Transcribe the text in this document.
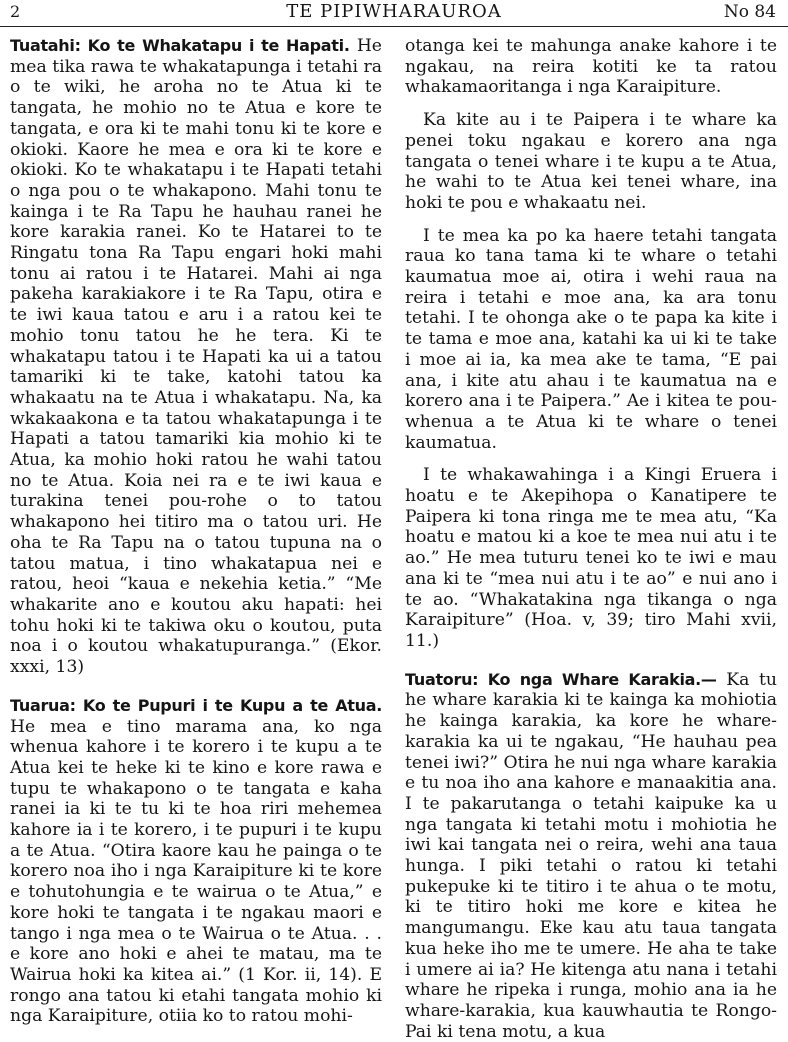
2	TE PIPIWHARAUROA	No 84

Tuatahi: Ko te Whakatapu i te Hapati. He mea tika rawa te whakatapunga i tetahi ra o te wiki, he aroha no te Atua ki te tangata, he mohio no te Atua e kore te tangata, e ora ki te mahi tonu ki te kore e okioki. Kaore he mea e ora ki te kore e okioki. Ko te whakatapu i te Hapati tetahi o nga pou o te whakapono. Mahi tonu te kainga i te Ra Tapu he hauhau ranei he kore karakia ranei. Ko te Hatarei to te Ringatu tona Ra Tapu engari hoki mahi tonu ai ratou i te Hatarei. Mahi ai nga pakeha karakiakore i te Ra Tapu, otira e te iwi kaua tatou e aru i a ratou kei te mohio tonu tatou he he tera. Ki te whakatapu tatou i te Hapati ka ui a tatou tamariki ki te take, katohi tatou ka whakaatu na te Atua i whakatapu. Na, ka wkakaakona e ta tatou whakatapunga i te Hapati a tatou tamariki kia mohio ki te Atua, ka mohio hoki ratou he wahi tatou no te Atua. Koia nei ra e te iwi kaua e turakina tenei pou-rohe o to tatou whakapono hei titiro ma o tatou uri. He oha te Ra Tapu na o tatou tupuna na o tatou matua, i tino whakatapua nei e ratou, heoi “kaua e nekehia ketia.” “Me whakarite ano e koutou aku hapati: hei tohu hoki ki te takiwa oku o koutou, puta noa i o koutou whakatupuranga.” (Ekor. xxxi, 13)

Tuarua: Ko te Pupuri i te Kupu a te Atua. He mea e tino marama ana, ko nga whenua kahore i te korero i te kupu a te Atua kei te heke ki te kino e kore rawa e tupu te whakapono o te tangata e kaha ranei ia ki te tu ki te hoa riri mehemea kahore ia i te korero, i te pupuri i te kupu a te Atua. “Otira kaore kau he painga o te korero noa iho i nga Karaipiture ki te kore e tohutohungia e te wairua o te Atua,” e kore hoki te tangata i te ngakau maori e tango i nga mea o te Wairua o te Atua. . . e kore ano hoki e ahei te matau, ma te Wairua hoki ka kitea ai.” (1 Kor. ii, 14). E rongo ana tatou ki etahi tangata mohio ki nga Karaipiture, otiia ko to ratou mohi-

otanga kei te mahunga anake kahore i te ngakau, na reira kotiti ke ta ratou whakamaoritanga i nga Karaipiture.

Ka kite au i te Paipera i te whare ka penei toku ngakau e korero ana nga tangata o tenei whare i te kupu a te Atua, he wahi to te Atua kei tenei whare, ina hoki te pou e whakaatu nei.

I te mea ka po ka haere tetahi tangata raua ko tana tama ki te whare o tetahi kaumatua moe ai, otira i wehi raua na reira i tetahi e moe ana, ka ara tonu tetahi. I te ohonga ake o te papa ka kite i te tama e moe ana, katahi ka ui ki te take i moe ai ia, ka mea ake te tama, “E pai ana, i kite atu ahau i te kaumatua na e korero ana i te Paipera.” Ae i kitea te pou-whenua a te Atua ki te whare o tenei kaumatua.

I te whakawahinga i a Kingi Eruera i hoatu e te Akepihopa o Kanatipere te Paipera ki tona ringa me te mea atu, “Ka hoatu e matou ki a koe te mea nui atu i te ao.” He mea tuturu tenei ko te iwi e mau ana ki te “mea nui atu i te ao” e nui ano i te ao. “Whakatakina nga tikanga o nga Karaipiture” (Hoa. v, 39; tiro Mahi xvii, 11.)

Tuatoru: Ko nga Whare Karakia.— Ka tu he whare karakia ki te kainga ka mohiotia he kainga karakia, ka kore he whare-karakia ka ui te ngakau, “He hauhau pea tenei iwi?” Otira he nui nga whare karakia e tu noa iho ana kahore e manaakitia ana. I te pakarutanga o tetahi kaipuke ka u nga tangata ki tetahi motu i mohiotia he iwi kai tangata nei o reira, wehi ana taua hunga. I piki tetahi o ratou ki tetahi pukepuke ki te titiro i te ahua o te motu, ki te titiro hoki me kore e kitea he mangumangu. Eke kau atu taua tangata kua heke iho me te umere. He aha te take i umere ai ia? He kitenga atu nana i tetahi whare he ripeka i runga, mohio ana ia he whare-karakia, kua kauwhautia te Rongo-Pai ki tena motu, a kua
